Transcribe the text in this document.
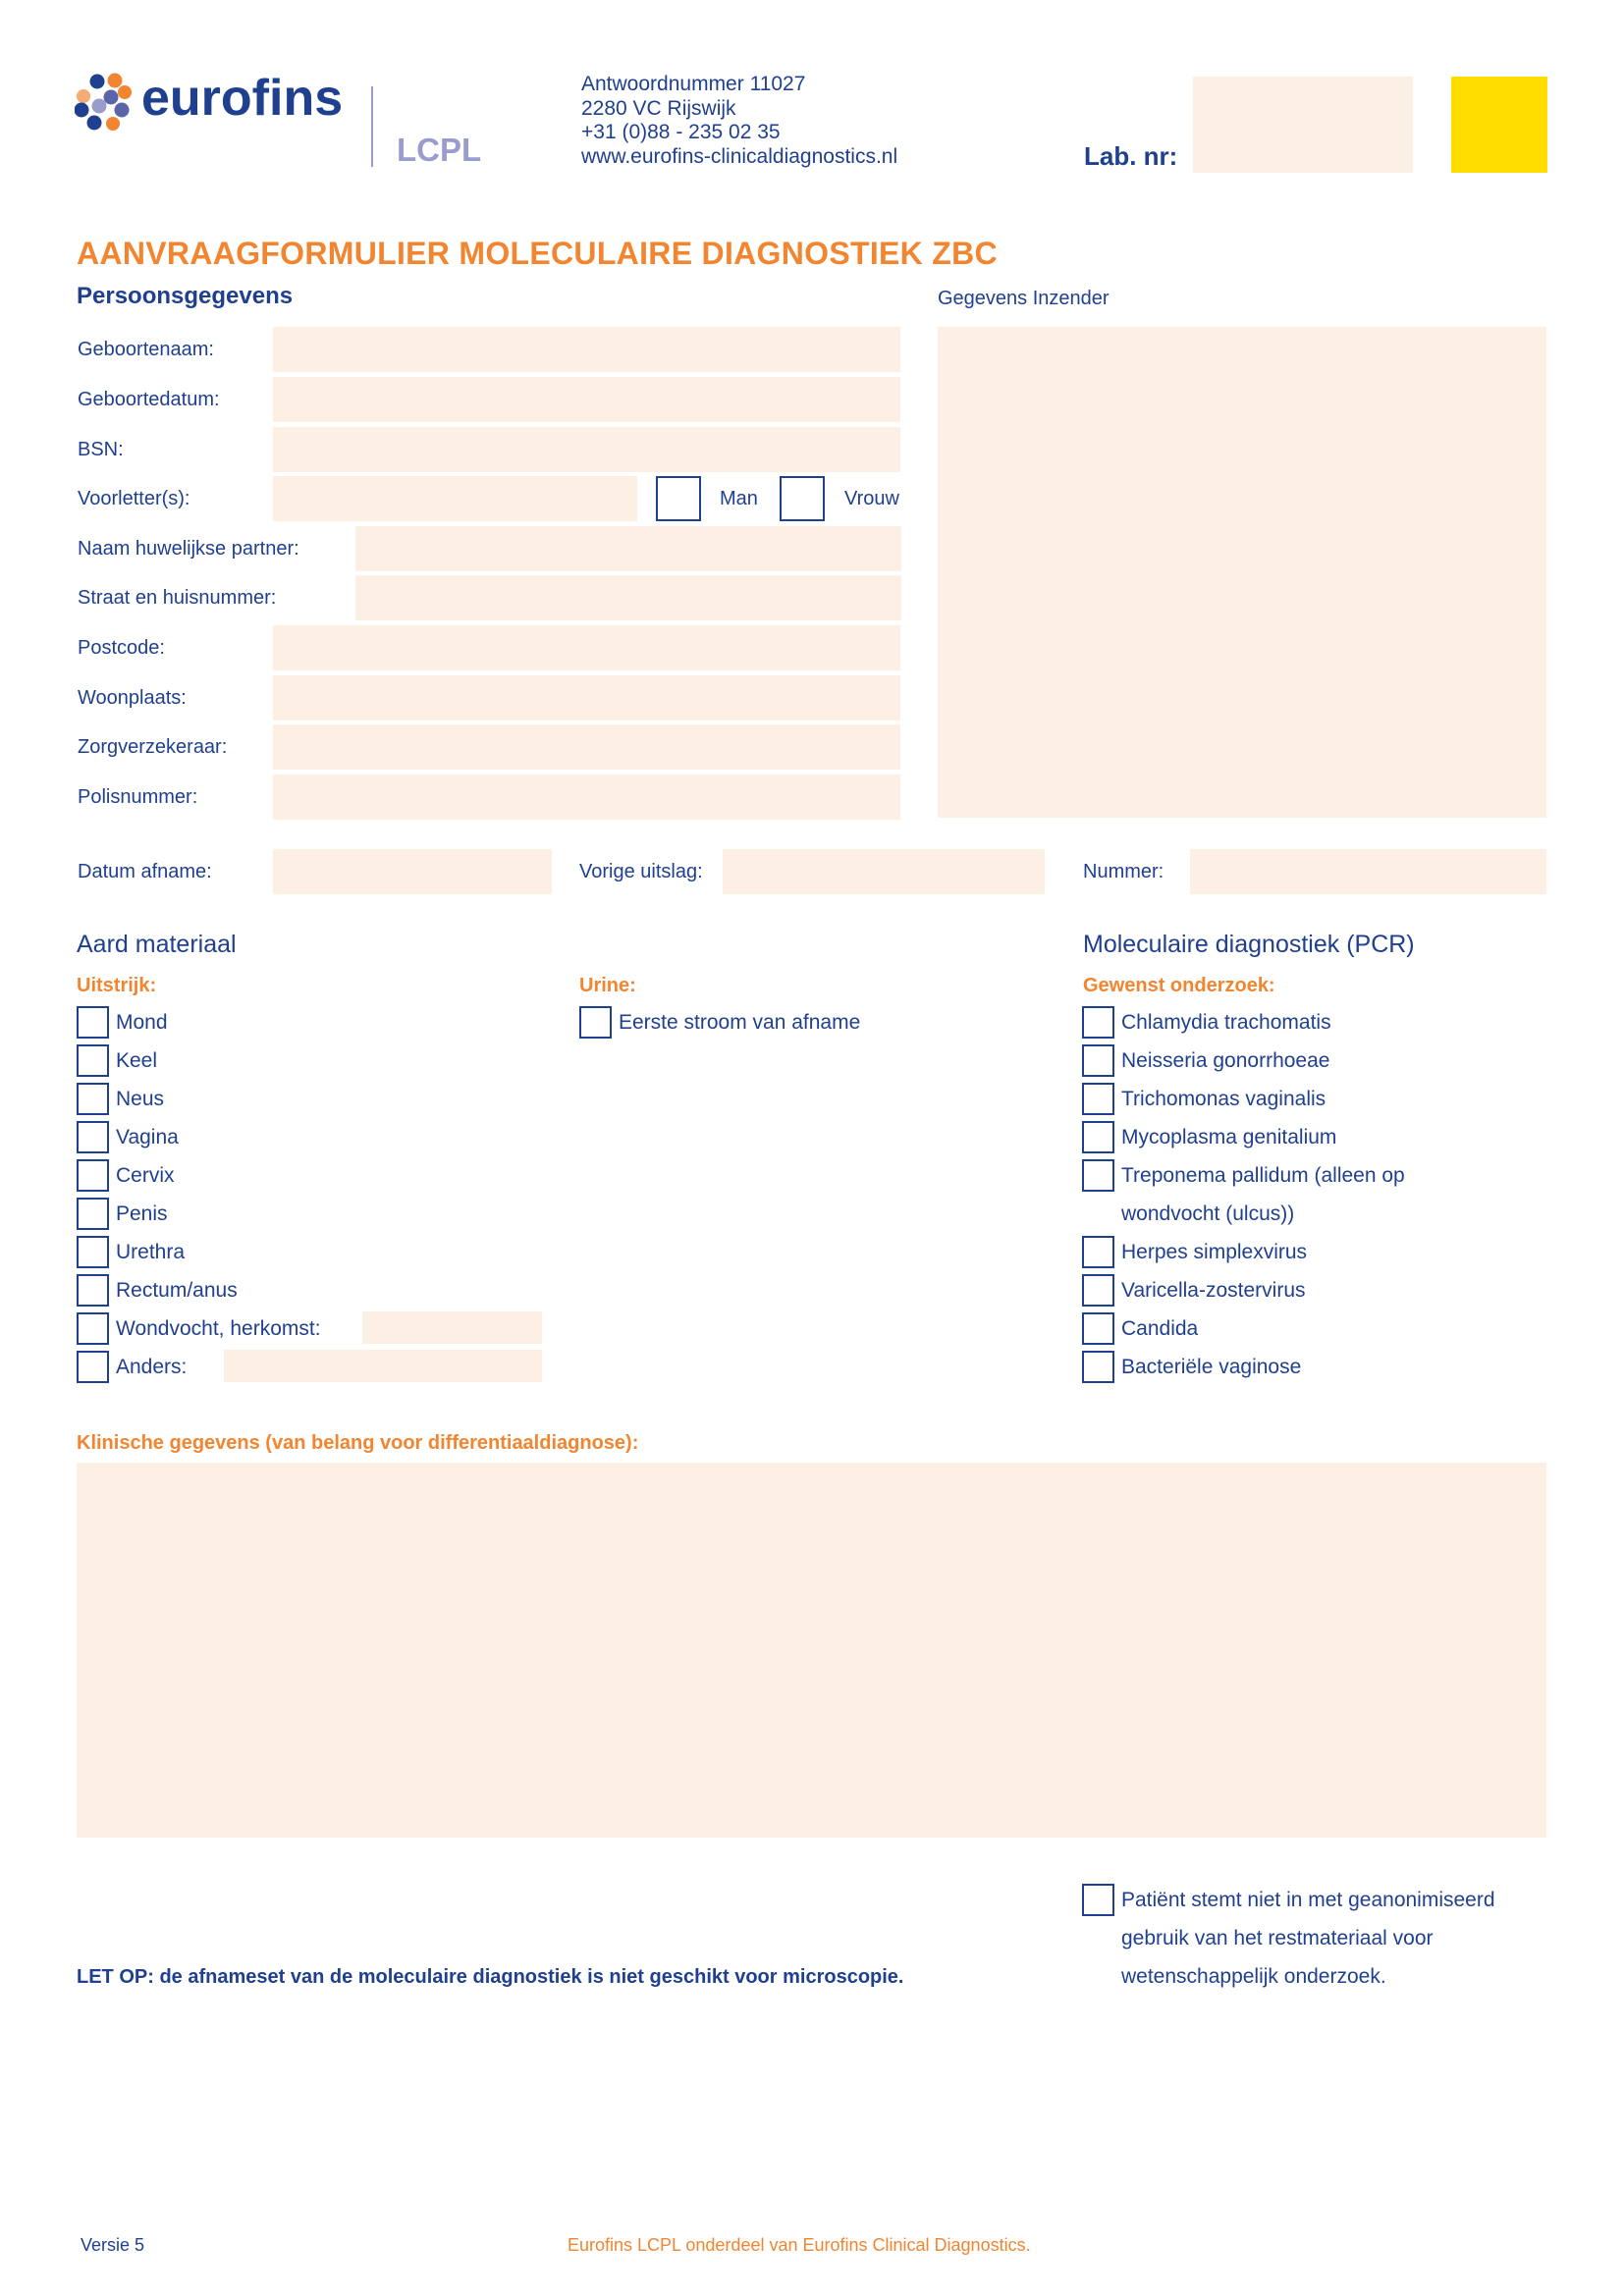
eurofins
LCPL
Antwoordnummer 11027
2280 VC Rijswijk
+31 (0)88 - 235 02 35
www.eurofins-clinicaldiagnostics.nl	Lab. nr:
AANVRAAGFORMULIER MOLECULAIRE DIAGNOSTIEK ZBC
Persoonsgegevens	Gegevens Inzender
Geboortenaam:
Geboortedatum:
BSN:
Voorletter(s):	Man	Vrouw
Naam huwelijkse partner:
Straat en huisnummer:
Postcode:
Woonplaats:
Zorgverzekeraar:
Polisnummer:
Datum afname:	Vorige uitslag:	Nummer:
Aard materiaal
Uitstrijk:	Urine:
Moleculaire diagnostiek (PCR)
Gewenst onderzoek:
Mond
Keel
Neus
Vagina
Cervix
Penis
Urethra
Rectum/anus
Wondvocht, herkomst:
Anders:
Eerste stroom van afname	Chlamydia trachomatis
Neisseria gonorrhoeae
Trichomonas vaginalis
Mycoplasma genitalium
Treponema pallidum (alleen op
wondvocht (ulcus))
Herpes simplexvirus
Varicella-zostervirus
Candida
Bacteriële vaginose
Klinische gegevens (van belang voor differentiaaldiagnose):
Patiënt stemt niet in met geanonimiseerd
gebruik van het restmateriaal voor
wetenschappelijk onderzoek.
LET OP: de afnameset van de moleculaire diagnostiek is niet geschikt voor microscopie.
Versie 5	Eurofins LCPL onderdeel van Eurofins Clinical Diagnostics.
